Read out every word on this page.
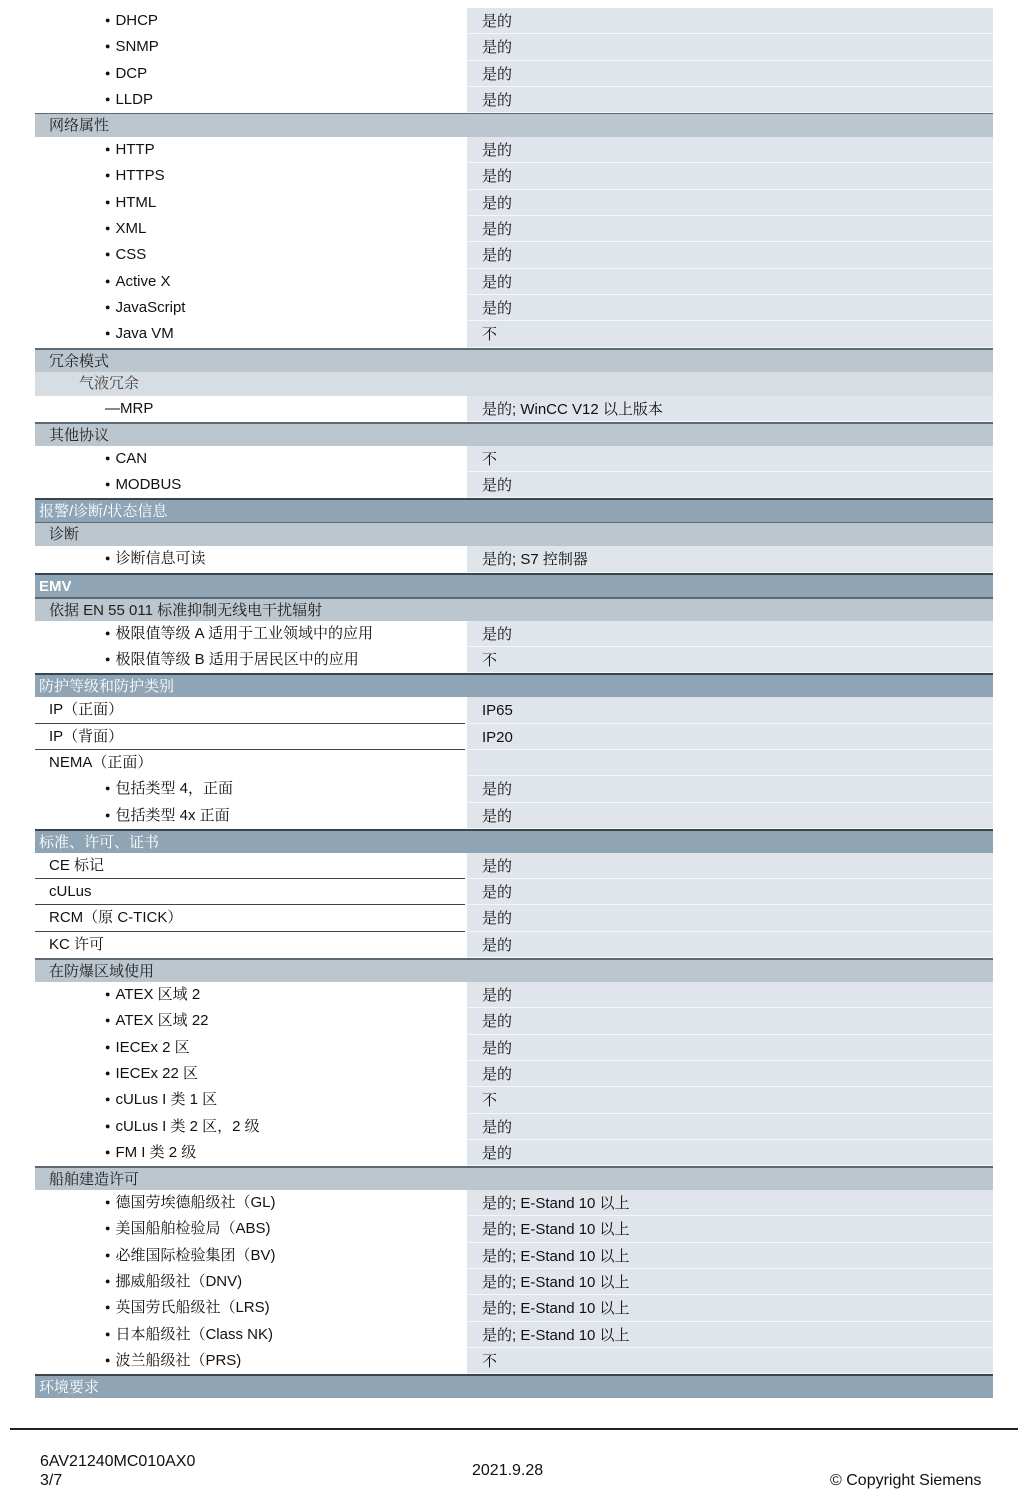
● DHCP	是的
● SNMP	是的
● DCP	是的
● LLDP	是的
网络属性
● HTTP	是的
● HTTPS	是的
● HTML	是的
● XML	是的
● CSS	是的
● Active X	是的
● JavaScript	是的
● Java VM	不
冗余模式
气液冗余
— MRP	是的; WinCC V12 以上版本
其他协议
● CAN	不
● MODBUS	是的
报警/诊断/状态信息
诊断
● 诊断信息可读	是的; S7 控制器
EMV
依据 EN 55 011 标准抑制无线电干扰辐射
● 极限值等级 A 适用于工业领域中的应用	是的
● 极限值等级 B 适用于居民区中的应用	不
防护等级和防护类别
IP（正面）	IP65
IP（背面）	IP20
NEMA（正面）
● 包括类型 4，正面	是的
● 包括类型 4x 正面	是的
标准、许可、证书
CE 标记	是的
cULus	是的
RCM（原 C-TICK）	是的
KC 许可	是的
在防爆区域使用
● ATEX 区域 2	是的
● ATEX 区域 22	是的
● IECEx 2 区	是的
● IECEx 22 区	是的
● cULus I 类 1 区	不
● cULus I 类 2 区，2 级	是的
● FM I 类 2 级	是的
船舶建造许可
● 德国劳埃德船级社（GL)	是的; E-Stand 10 以上
● 美国船舶检验局（ABS)	是的; E-Stand 10 以上
● 必维国际检验集团（BV)	是的; E-Stand 10 以上
● 挪威船级社（DNV)	是的; E-Stand 10 以上
● 英国劳氏船级社（LRS)	是的; E-Stand 10 以上
● 日本船级社（Class NK)	是的; E-Stand 10 以上
● 波兰船级社（PRS)	不
环境要求
6AV21240MC010AX0
3/7
2021.9.28
© Copyright Siemens
